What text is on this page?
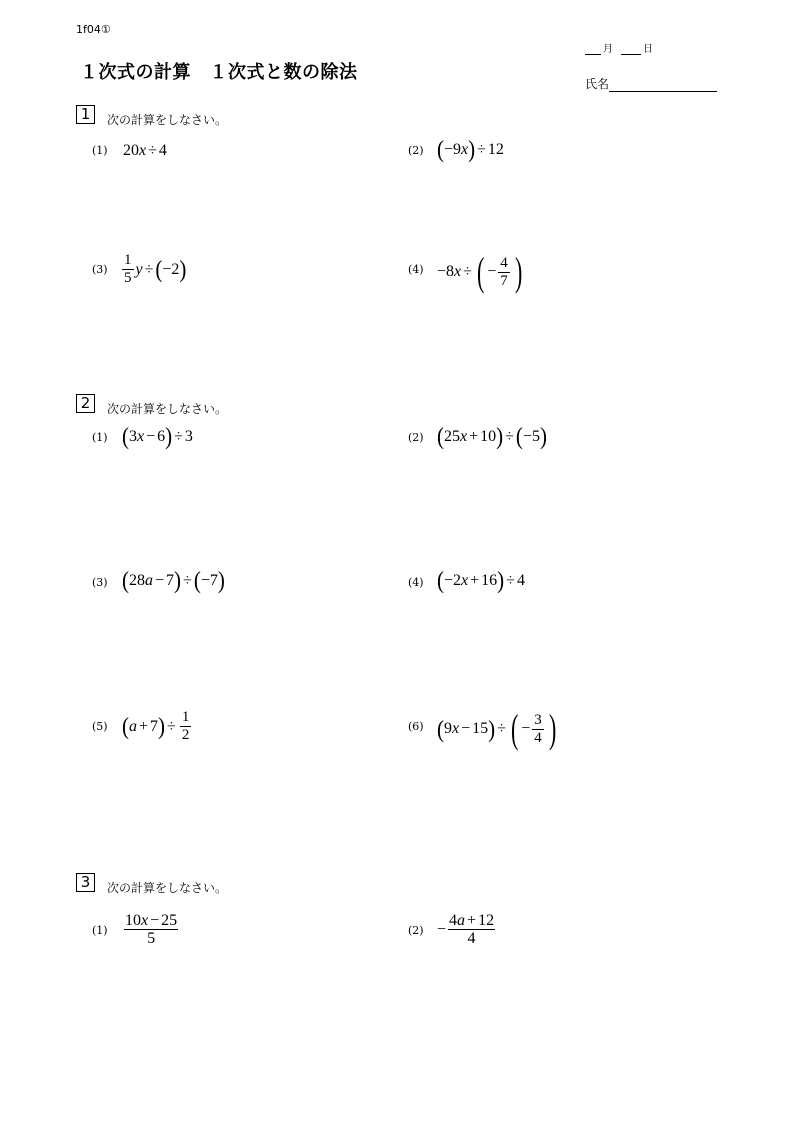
1f04①
１次式の計算　１次式と数の除法
月	日
氏名
1	次の計算をしなさい。
(1) 20 x ÷ 4	(2) ( − 9 x ) ÷ 12
$(3) \frac{1}{5}$ y ÷ ( − 2 )	(4) − 8 x ÷ ( − $\frac{4}{7}$ )
2	次の計算をしなさい。
(1) ( 3 x − 6 ) ÷ 3	(2) ( 25 x + 10 ) ÷ ( − 5 )
(3) ( 28 a − 7 ) ÷ ( − 7 )	(4) ( − 2 x + 16 ) ÷ 4
(5) ( a + 7 ) ÷ $\frac{1}{2}$	(6) ( 9 x − 15 ) ÷ ( − $\frac{3}{4}$ )
3	次の計算をしなさい。
$(1) \frac{10x - 25}{5}$	$(2) - \frac{4a + 12}{4}$
